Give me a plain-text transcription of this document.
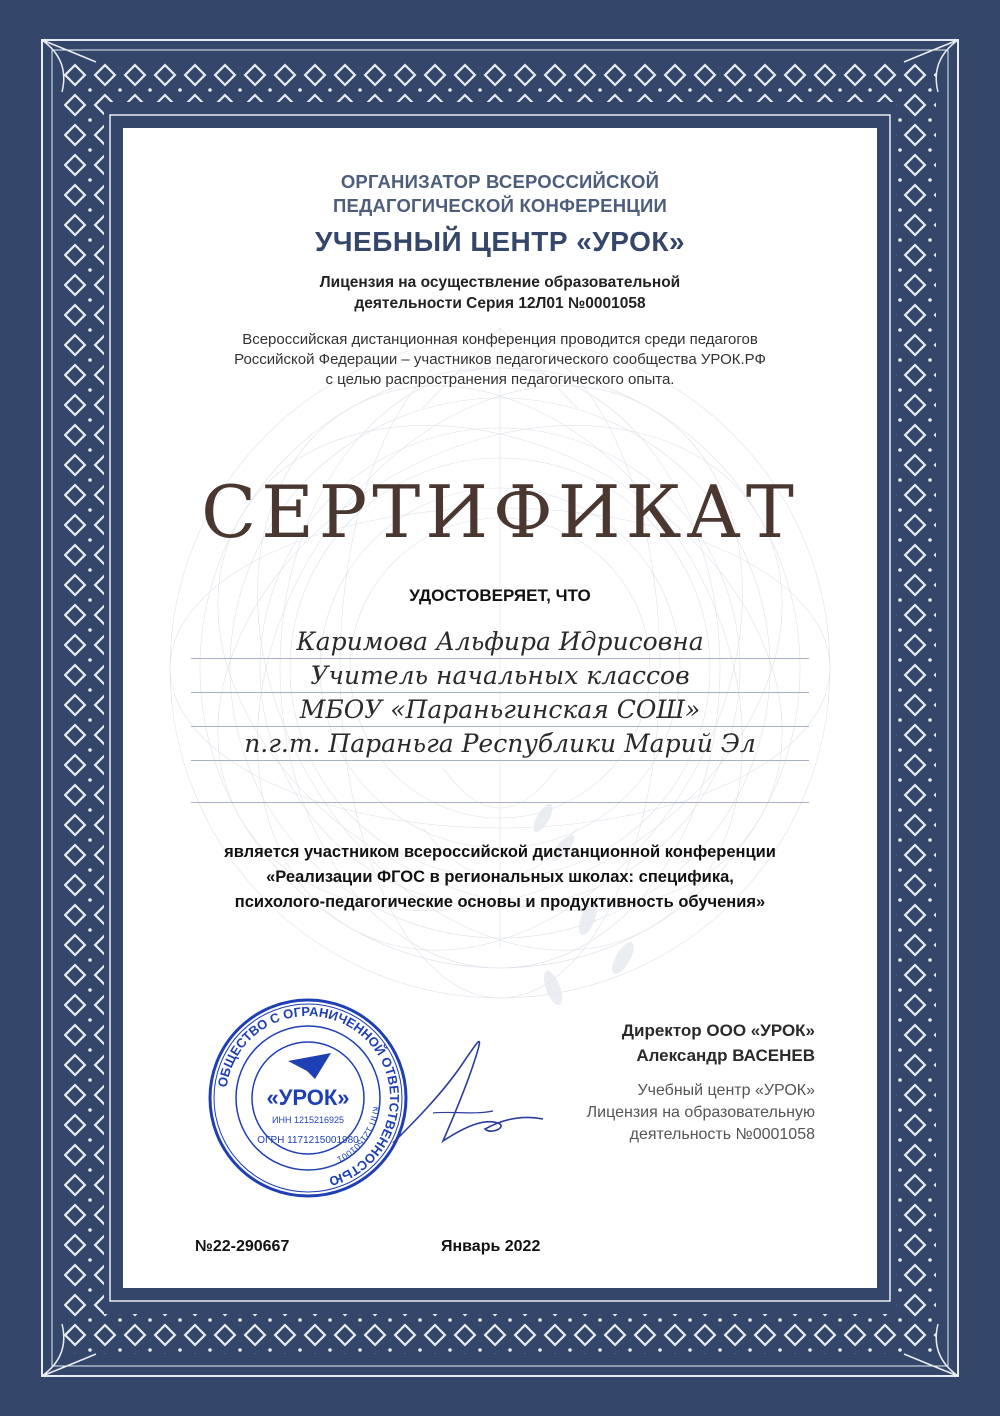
ОРГАНИЗАТОР ВСЕРОССИЙСКОЙ
ПЕДАГОГИЧЕСКОЙ КОНФЕРЕНЦИИ
УЧЕБНЫЙ ЦЕНТР «УРОК»
Лицензия на осуществление образовательной
деятельности Серия 12Л01 №0001058
Всероссийская дистанционная конференция проводится среди педагогов
Российской Федерации – участников педагогического сообщества УРОК.РФ
с целью распространения педагогического опыта.
СЕРТИФИКАТ
УДОСТОВЕРЯЕТ, ЧТО
Каримова Альфира Идрисовна
Учитель начальных классов
МБОУ «Параньгинская СОШ»
п.г.т. Параньга Республики Марий Эл
является участником всероссийской дистанционной конференции
«Реализации ФГОС в региональных школах: специфика,
психолого-педагогические основы и продуктивность обучения»
ОБЩЕСТВО С ОГРАНИЧЕННОЙ ОТВЕТСТВЕННОСТЬЮ
КПП 121501001
«УРОК»
ИНН 1215216925
ОГРН 1171215001980
Директор ООО «УРОК»
Александр ВАСЕНЕВ
Учебный центр «УРОК»
Лицензия на образовательную
деятельность №0001058
№22-290667	Январь 2022
